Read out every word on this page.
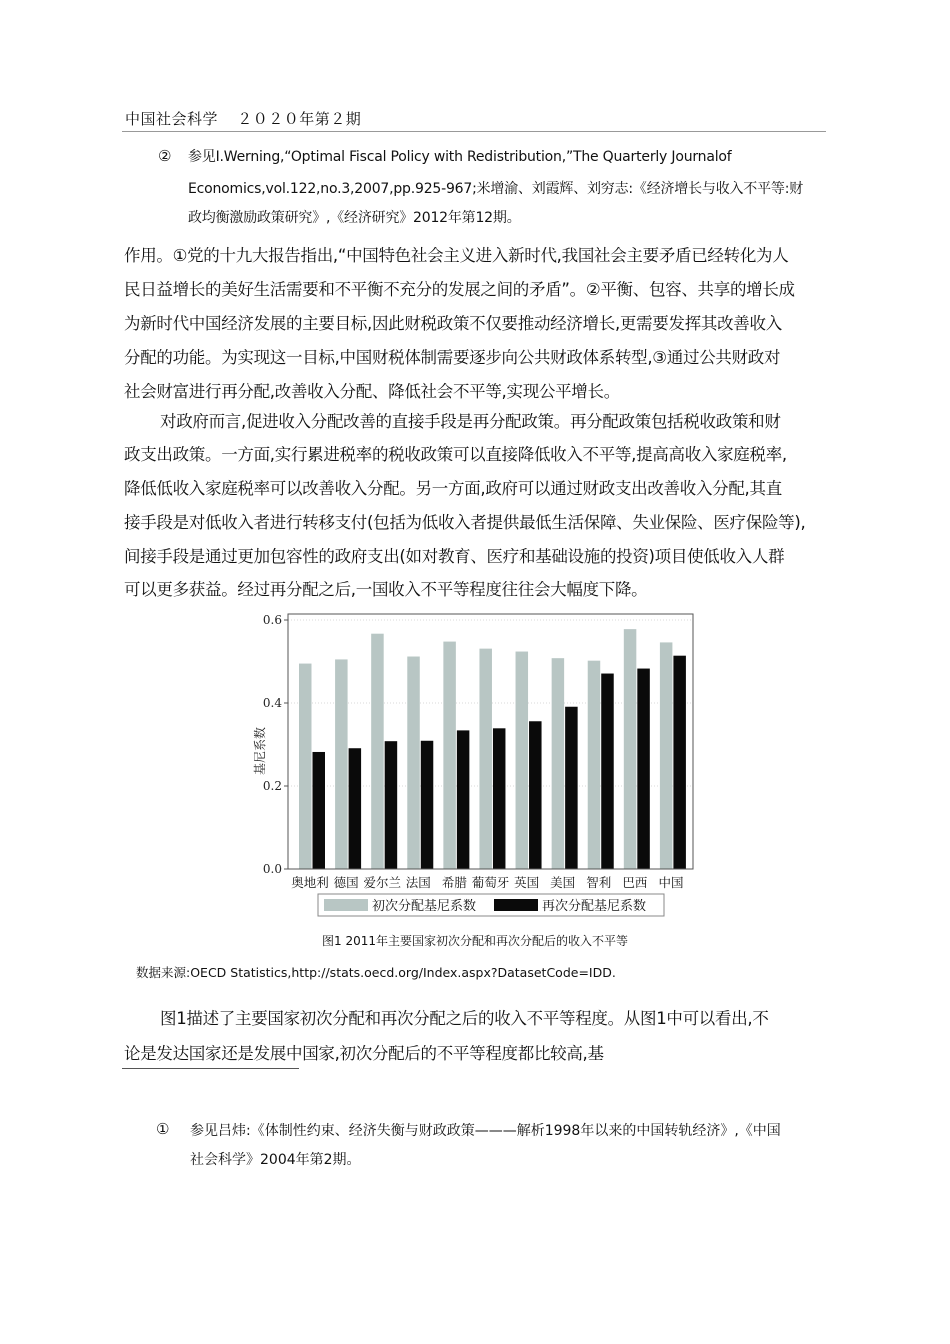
中国社会科学 ２０２０年第２期
② 参见I.Werning,“Optimal Fiscal Policy with Redistribution,”The Quarterly Journalof
Economics,vol.122,no.3,2007,pp.925-967;米增渝、刘霞辉、刘穷志:《经济增长与收入不平等:财
政均衡激励政策研究》,《经济研究》2012年第12期。
作用。①党的十九大报告指出,“中国特色社会主义进入新时代,我国社会主要矛盾已经转化为人
民日益增长的美好生活需要和不平衡不充分的发展之间的矛盾”。②平衡、包容、共享的增长成
为新时代中国经济发展的主要目标,因此财税政策不仅要推动经济增长,更需要发挥其改善收入
分配的功能。为实现这一目标,中国财税体制需要逐步向公共财政体系转型,③通过公共财政对
社会财富进行再分配,改善收入分配、降低社会不平等,实现公平增长。
对政府而言,促进收入分配改善的直接手段是再分配政策。再分配政策包括税收政策和财
政支出政策。一方面,实行累进税率的税收政策可以直接降低收入不平等,提高高收入家庭税率,
降低低收入家庭税率可以改善收入分配。另一方面,政府可以通过财政支出改善收入分配,其直
接手段是对低收入者进行转移支付(包括为低收入者提供最低生活保障、失业保险、医疗保险等),
间接手段是通过更加包容性的政府支出(如对教育、医疗和基础设施的投资)项目使低收入人群
可以更多获益。经过再分配之后,一国收入不平等程度往往会大幅度下降。
0.0
0.2
0.4
0.6
奥地利 德国 爱尔兰 法国 希腊 葡萄牙 英国 美国 智利 巴西 中国
基尼系数
初次分配基尼系数	再次分配基尼系数
图1 2011年主要国家初次分配和再次分配后的收入不平等
数据来源:OECD Statistics,http://stats.oecd.org/Index.aspx?DatasetCode=IDD.
图1描述了主要国家初次分配和再次分配之后的收入不平等程度。从图1中可以看出,不
论是发达国家还是发展中国家,初次分配后的不平等程度都比较高,基
① 参见吕炜:《体制性约束、经济失衡与财政政策———解析1998年以来的中国转轨经济》,《中国
社会科学》2004年第2期。
